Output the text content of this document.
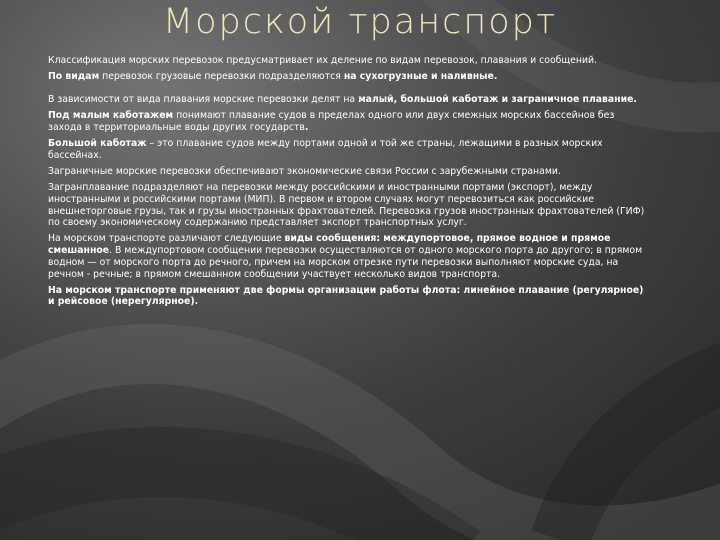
Морской транспорт

Классификация морских перевозок предусматривает их деление по видам перевозок, плавания и сообщений.

По видам перевозок грузовые перевозки подразделяются на сухогрузные и наливные.

В зависимости от вида плавания морские перевозки делят на малый, большой каботаж и заграничное плавание.

Под малым каботажем понимают плавание судов в пределах одного или двух смежных морских бассейнов без захода в территориальные воды других государств.

Большой каботаж – это плавание судов между портами одной и той же страны, лежащими в разных морских бассейнах.

Заграничные морские перевозки обеспечивают экономические связи России с зарубежными странами.

Загранплавание подразделяют на перевозки между российскими и иностранными портами (экспорт), между иностранными и российскими портами (МИП). В первом и втором случаях могут перевозиться как российские внешнеторговые грузы, так и грузы иностранных фрахтователей. Перевозка грузов иностранных фрахтователей (ГИФ) по своему экономическому содержанию представляет экспорт транспортных услуг.

На морском транспорте различают следующие виды сообщения: междупортовое, прямое водное и прямое смешанное. В междупортовом сообщении перевозки осуществляются от одного морского порта до другого; в прямом водном — от морского порта до речного, причем на морском отрезке пути перевозки выполняют морские суда, на речном - речные; в прямом смешанном сообщении участвует несколько видов транспорта.

На морском транспорте применяют две формы организации работы флота: линейное плавание (регулярное) и рейсовое (нерегулярное).
